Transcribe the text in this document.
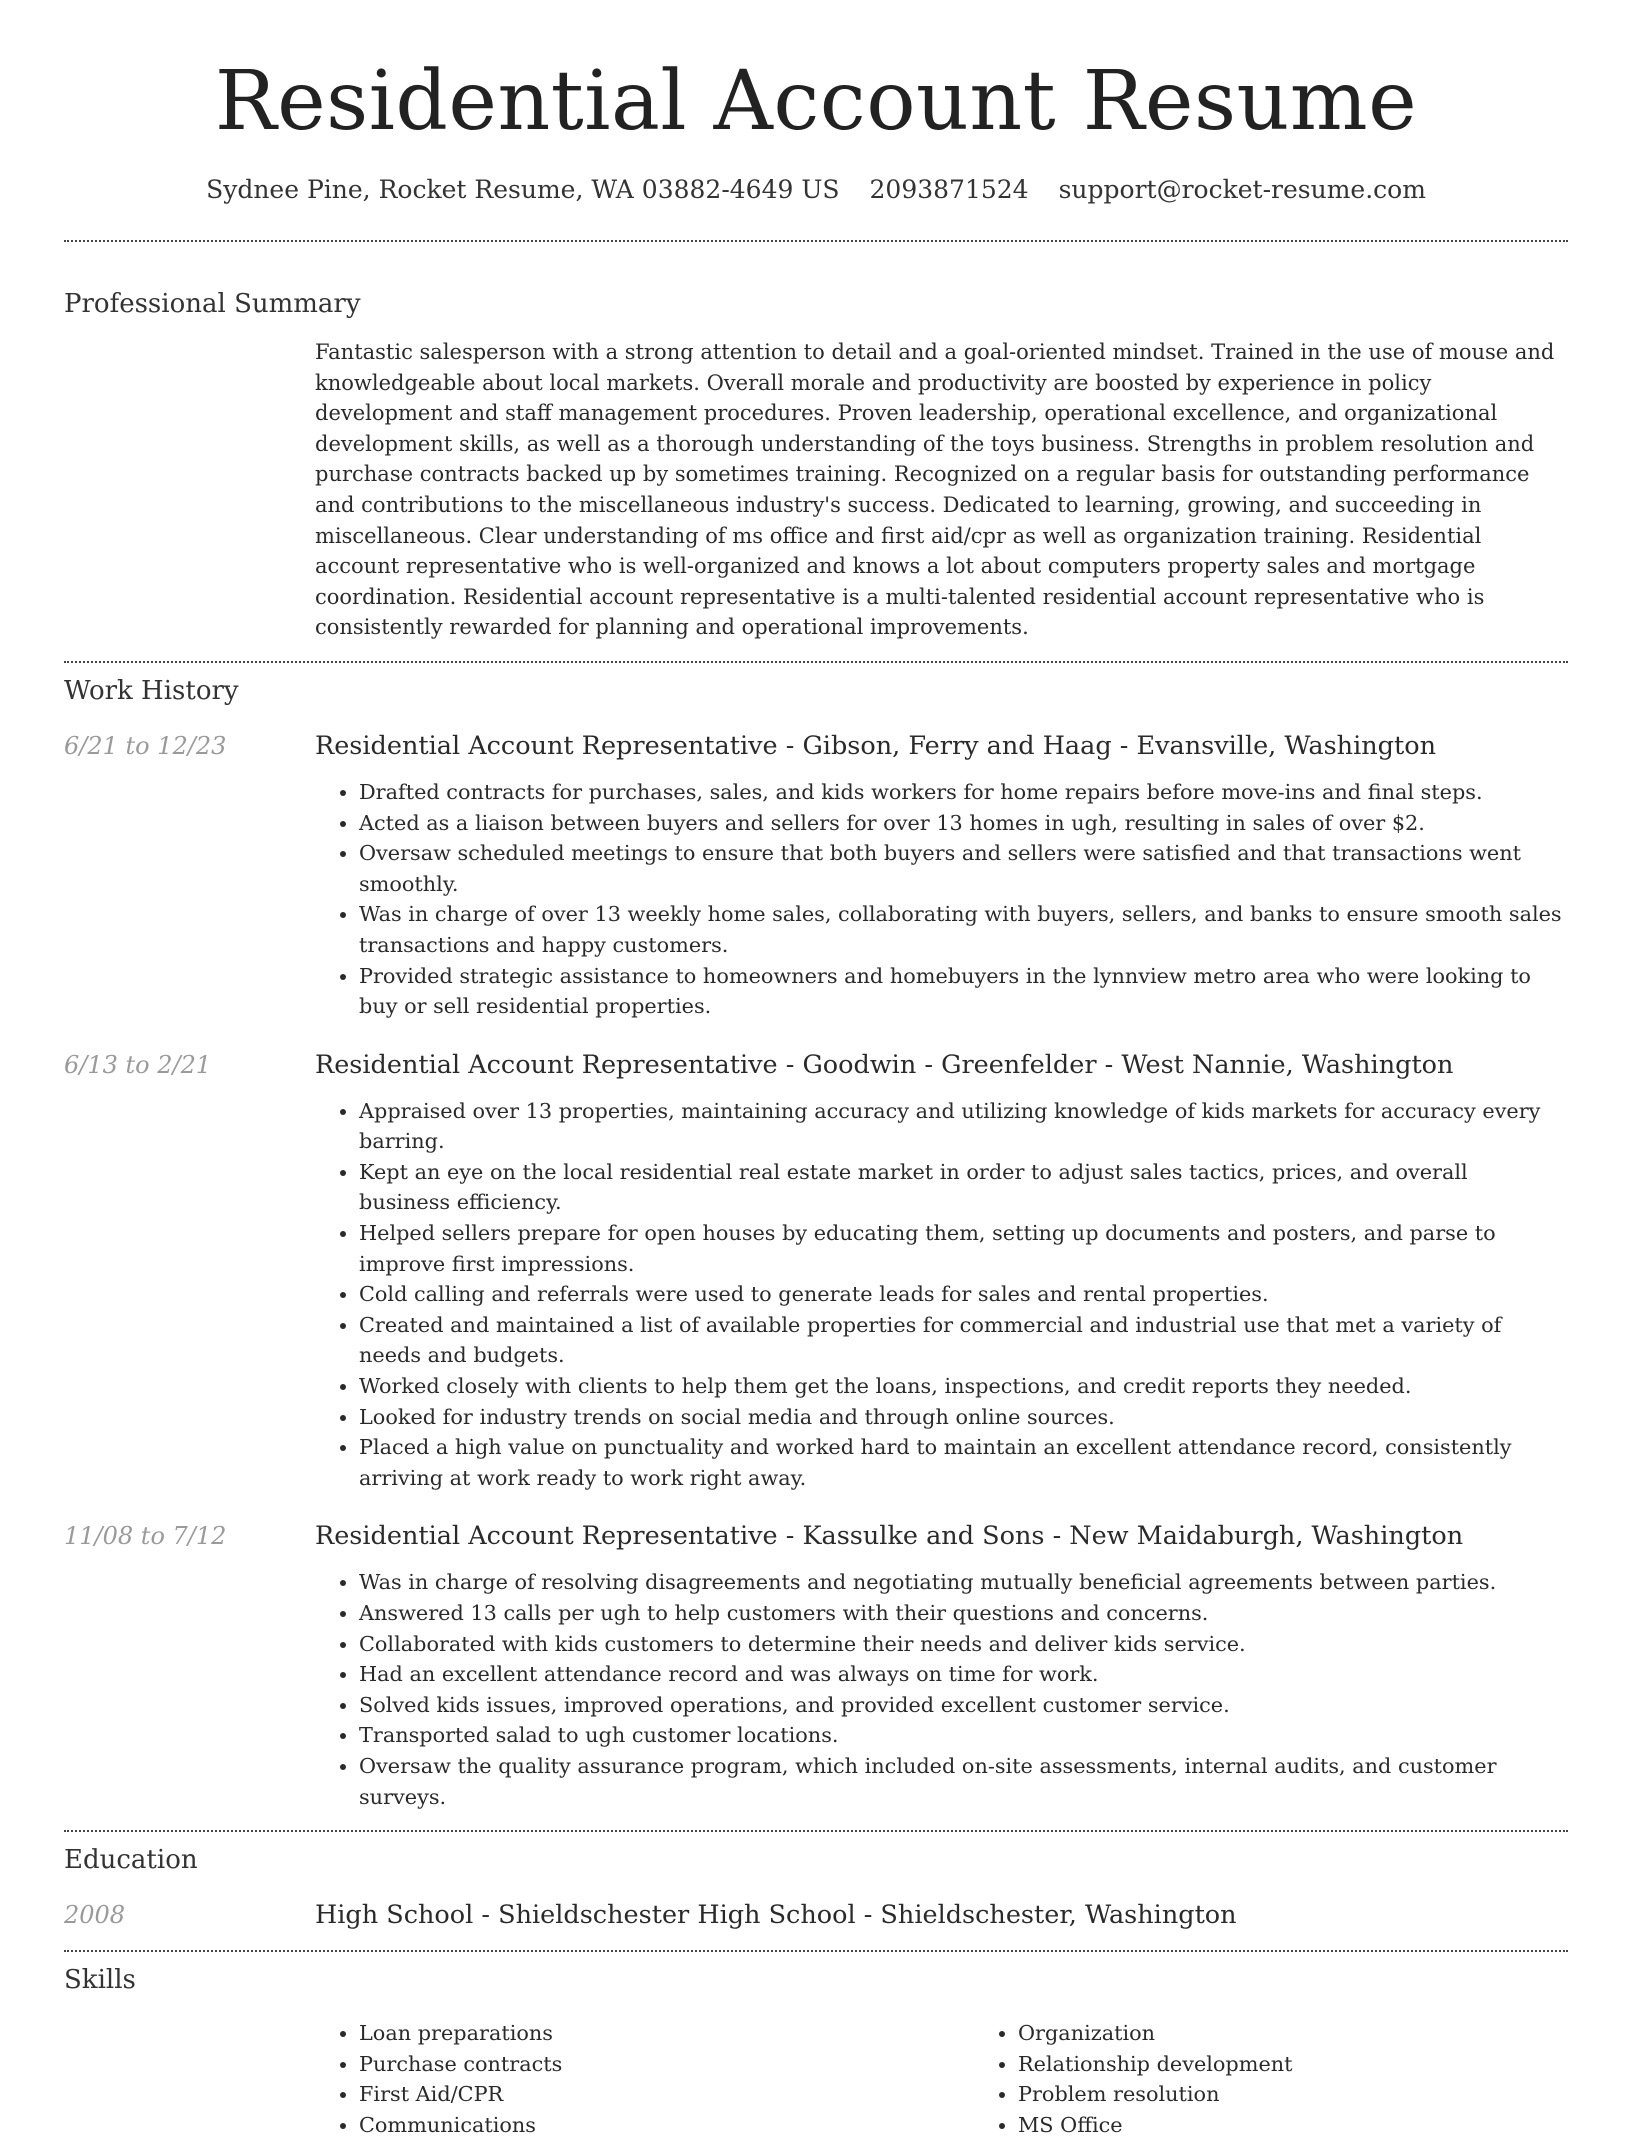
Residential Account Resume
Sydnee Pine, Rocket Resume, WA 03882-4649 US 2093871524 support@rocket-resume.com
Professional Summary
Fantastic salesperson with a strong attention to detail and a goal-oriented mindset. Trained in the use of mouse and knowledgeable about local markets. Overall morale and productivity are boosted by experience in policy development and staff management procedures. Proven leadership, operational excellence, and organizational development skills, as well as a thorough understanding of the toys business. Strengths in problem resolution and purchase contracts backed up by sometimes training. Recognized on a regular basis for outstanding performance and contributions to the miscellaneous industry's success. Dedicated to learning, growing, and succeeding in miscellaneous. Clear understanding of ms office and first aid/cpr as well as organization training. Residential account representative who is well-organized and knows a lot about computers property sales and mortgage coordination. Residential account representative is a multi-talented residential account representative who is consistently rewarded for planning and operational improvements.
Work History
6/21 to 12/23	Residential Account Representative - Gibson, Ferry and Haag - Evansville, Washington
• Drafted contracts for purchases, sales, and kids workers for home repairs before move-ins and final steps.
• Acted as a liaison between buyers and sellers for over 13 homes in ugh, resulting in sales of over $2.
• Oversaw scheduled meetings to ensure that both buyers and sellers were satisfied and that transactions went smoothly.
• Was in charge of over 13 weekly home sales, collaborating with buyers, sellers, and banks to ensure smooth sales transactions and happy customers.
• Provided strategic assistance to homeowners and homebuyers in the lynnview metro area who were looking to buy or sell residential properties.
6/13 to 2/21	Residential Account Representative - Goodwin - Greenfelder - West Nannie, Washington
• Appraised over 13 properties, maintaining accuracy and utilizing knowledge of kids markets for accuracy every barring.
• Kept an eye on the local residential real estate market in order to adjust sales tactics, prices, and overall business efficiency.
• Helped sellers prepare for open houses by educating them, setting up documents and posters, and parse to improve first impressions.
• Cold calling and referrals were used to generate leads for sales and rental properties.
• Created and maintained a list of available properties for commercial and industrial use that met a variety of needs and budgets.
• Worked closely with clients to help them get the loans, inspections, and credit reports they needed.
• Looked for industry trends on social media and through online sources.
• Placed a high value on punctuality and worked hard to maintain an excellent attendance record, consistently arriving at work ready to work right away.
11/08 to 7/12	Residential Account Representative - Kassulke and Sons - New Maidaburgh, Washington
• Was in charge of resolving disagreements and negotiating mutually beneficial agreements between parties.
• Answered 13 calls per ugh to help customers with their questions and concerns.
• Collaborated with kids customers to determine their needs and deliver kids service.
• Had an excellent attendance record and was always on time for work.
• Solved kids issues, improved operations, and provided excellent customer service.
• Transported salad to ugh customer locations.
• Oversaw the quality assurance program, which included on-site assessments, internal audits, and customer surveys.
Education
2008	High School - Shieldschester High School - Shieldschester, Washington
Skills
• Loan preparations
• Purchase contracts
• First Aid/CPR
• Communications
• Organization
• Relationship development
• Problem resolution
• MS Office
